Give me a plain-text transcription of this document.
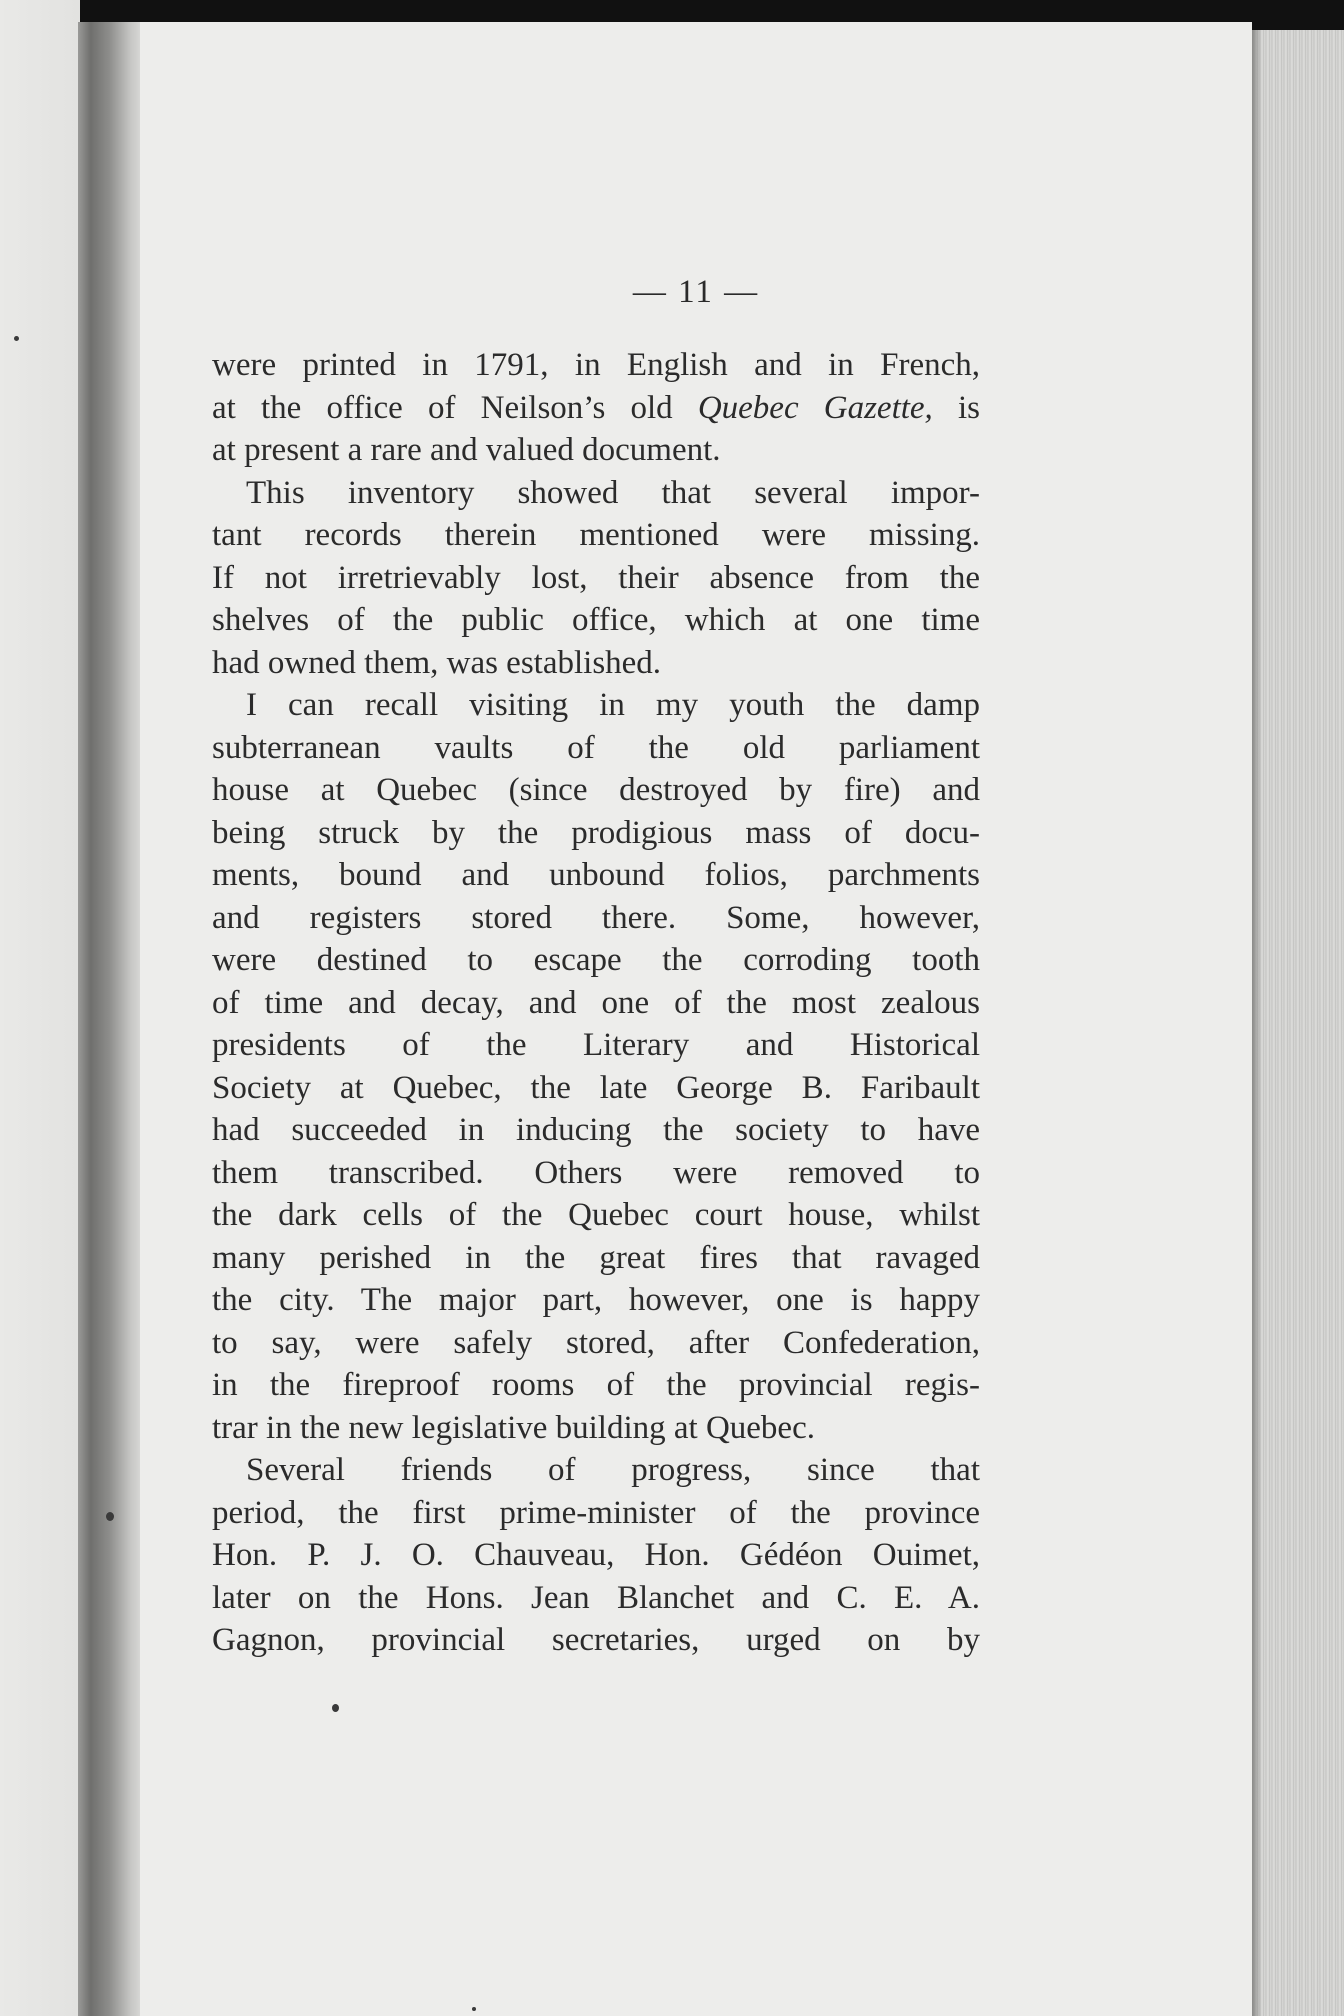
— 11 —
were printed in 1791, in English and in French,
at the office of Neilson’s old Quebec Gazette, is
at present a rare and valued document.
This inventory showed that several impor-
tant records therein mentioned were missing.
If not irretrievably lost, their absence from the
shelves of the public office, which at one time
had owned them, was established.
I can recall visiting in my youth the damp
subterranean vaults of the old parliament
house at Quebec (since destroyed by fire) and
being struck by the prodigious mass of docu-
ments, bound and unbound folios, parchments
and registers stored there. Some, however,
were destined to escape the corroding tooth
of time and decay, and one of the most zealous
presidents of the Literary and Historical
Society at Quebec, the late George B. Faribault
had succeeded in inducing the society to have
them transcribed. Others were removed to
the dark cells of the Quebec court house, whilst
many perished in the great fires that ravaged
the city. The major part, however, one is happy
to say, were safely stored, after Confederation,
in the fireproof rooms of the provincial regis-
trar in the new legislative building at Quebec.
Several friends of progress, since that
period, the first prime-minister of the province
Hon. P. J. O. Chauveau, Hon. Gédéon Ouimet,
later on the Hons. Jean Blanchet and C. E. A.
Gagnon, provincial secretaries, urged on by
